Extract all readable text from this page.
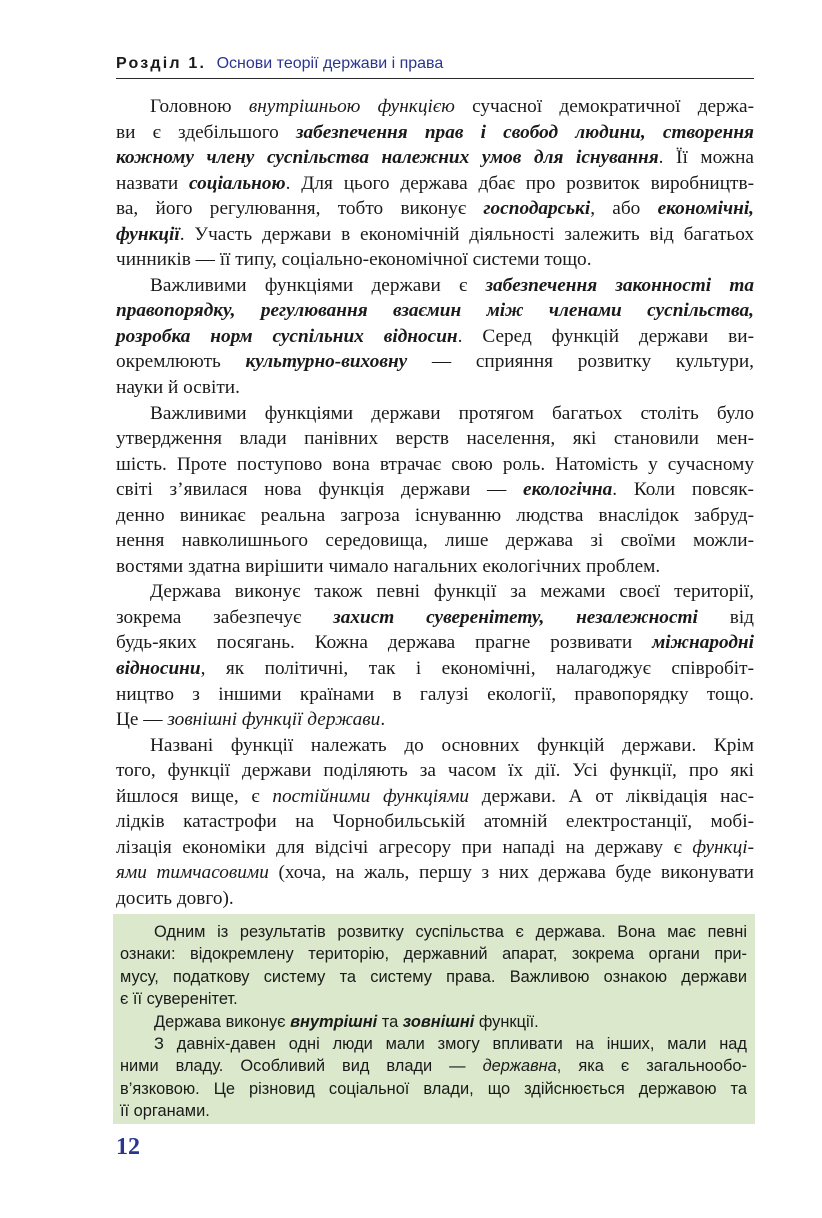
Розділ 1. Основи теорії держави і права
Головною внутрішньою функцією сучасної демократичної держа-
ви є здебільшого забезпечення прав і свобод людини, створення
кожному члену суспільства належних умов для існування. Її можна
назвати соціальною. Для цього держава дбає про розвиток виробництв-
ва, його регулювання, тобто виконує господарські, або економічні,
функції. Участь держави в економічній діяльності залежить від багатьох
чинників — її типу, соціально-економічної системи тощо.
Важливими функціями держави є забезпечення законності та
правопорядку, регулювання взаємин між членами суспільства,
розробка норм суспільних відносин. Серед функцій держави ви-
окремлюють культурно-виховну — сприяння розвитку культури,
науки й освіти.
Важливими функціями держави протягом багатьох століть було
утвердження влади панівних верств населення, які становили мен-
шість. Проте поступово вона втрачає свою роль. Натомість у сучасному
світі з’явилася нова функція держави — екологічна. Коли повсяк-
денно виникає реальна загроза існуванню людства внаслідок забруд-
нення навколишнього середовища, лише держава зі своїми можли-
востями здатна вирішити чимало нагальних екологічних проблем.
Держава виконує також певні функції за межами своєї території,
зокрема забезпечує захист суверенітету, незалежності від
будь-яких посягань. Кожна держава прагне розвивати міжнародні
відносини, як політичні, так і економічні, налагоджує співробіт-
ництво з іншими країнами в галузі екології, правопорядку тощо.
Це — зовнішні функції держави.
Названі функції належать до основних функцій держави. Крім
того, функції держави поділяють за часом їх дії. Усі функції, про які
йшлося вище, є постійними функціями держави. А от ліквідація нас-
лідків катастрофи на Чорнобильській атомній електростанції, мобі-
лізація економіки для відсічі агресору при нападі на державу є функці-
ями тимчасовими (хоча, на жаль, першу з них держава буде виконувати
досить довго).
Одним із результатів розвитку суспільства є держава. Вона має певні
ознаки: відокремлену територію, державний апарат, зокрема органи при-
мусу, податкову систему та систему права. Важливою ознакою держави
є її суверенітет.
Держава виконує внутрішні та зовнішні функції.
З давніх-давен одні люди мали змогу впливати на інших, мали над
ними владу. Особливий вид влади — державна, яка є загальнообо-
в’язковою. Це різновид соціальної влади, що здійснюється державою та
її органами.
12
